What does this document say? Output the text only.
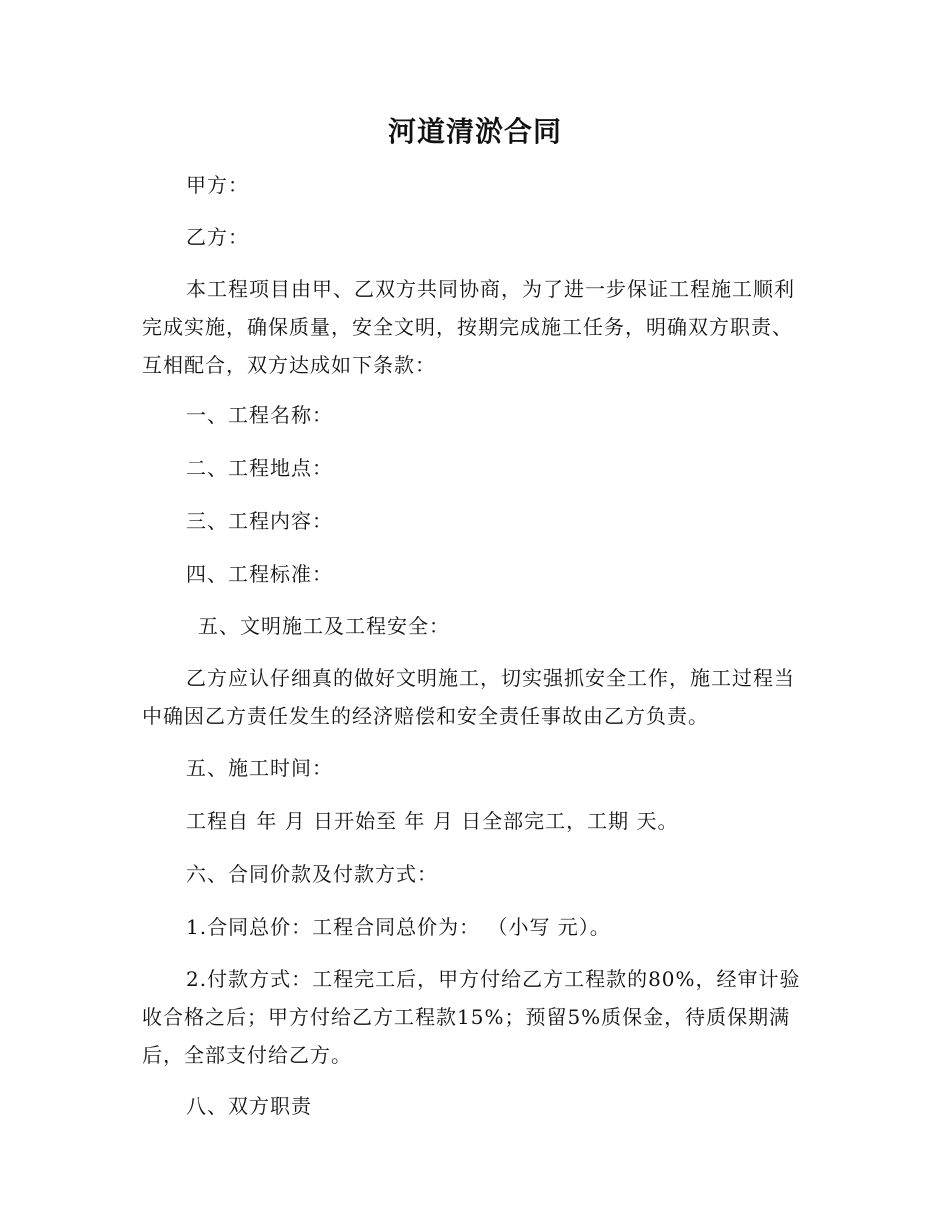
河道清淤合同

甲方：

乙方：

本工程项目由甲、乙双方共同协商，为了进一步保证工程施工顺利完成实施，确保质量，安全文明，按期完成施工任务，明确双方职责、互相配合，双方达成如下条款：

一、工程名称：

二、工程地点：

三、工程内容：

四、工程标准：

五、文明施工及工程安全：

乙方应认仔细真的做好文明施工，切实强抓安全工作，施工过程当中确因乙方责任发生的经济赔偿和安全责任事故由乙方负责。

五、施工时间：

工程自 年 月 日开始至 年 月 日全部完工，工期 天。

六、合同价款及付款方式：

1.合同总价：工程合同总价为： （小写 元）。

2.付款方式：工程完工后，甲方付给乙方工程款的80%，经审计验收合格之后；甲方付给乙方工程款15%；预留5%质保金，待质保期满后，全部支付给乙方。

八、双方职责
